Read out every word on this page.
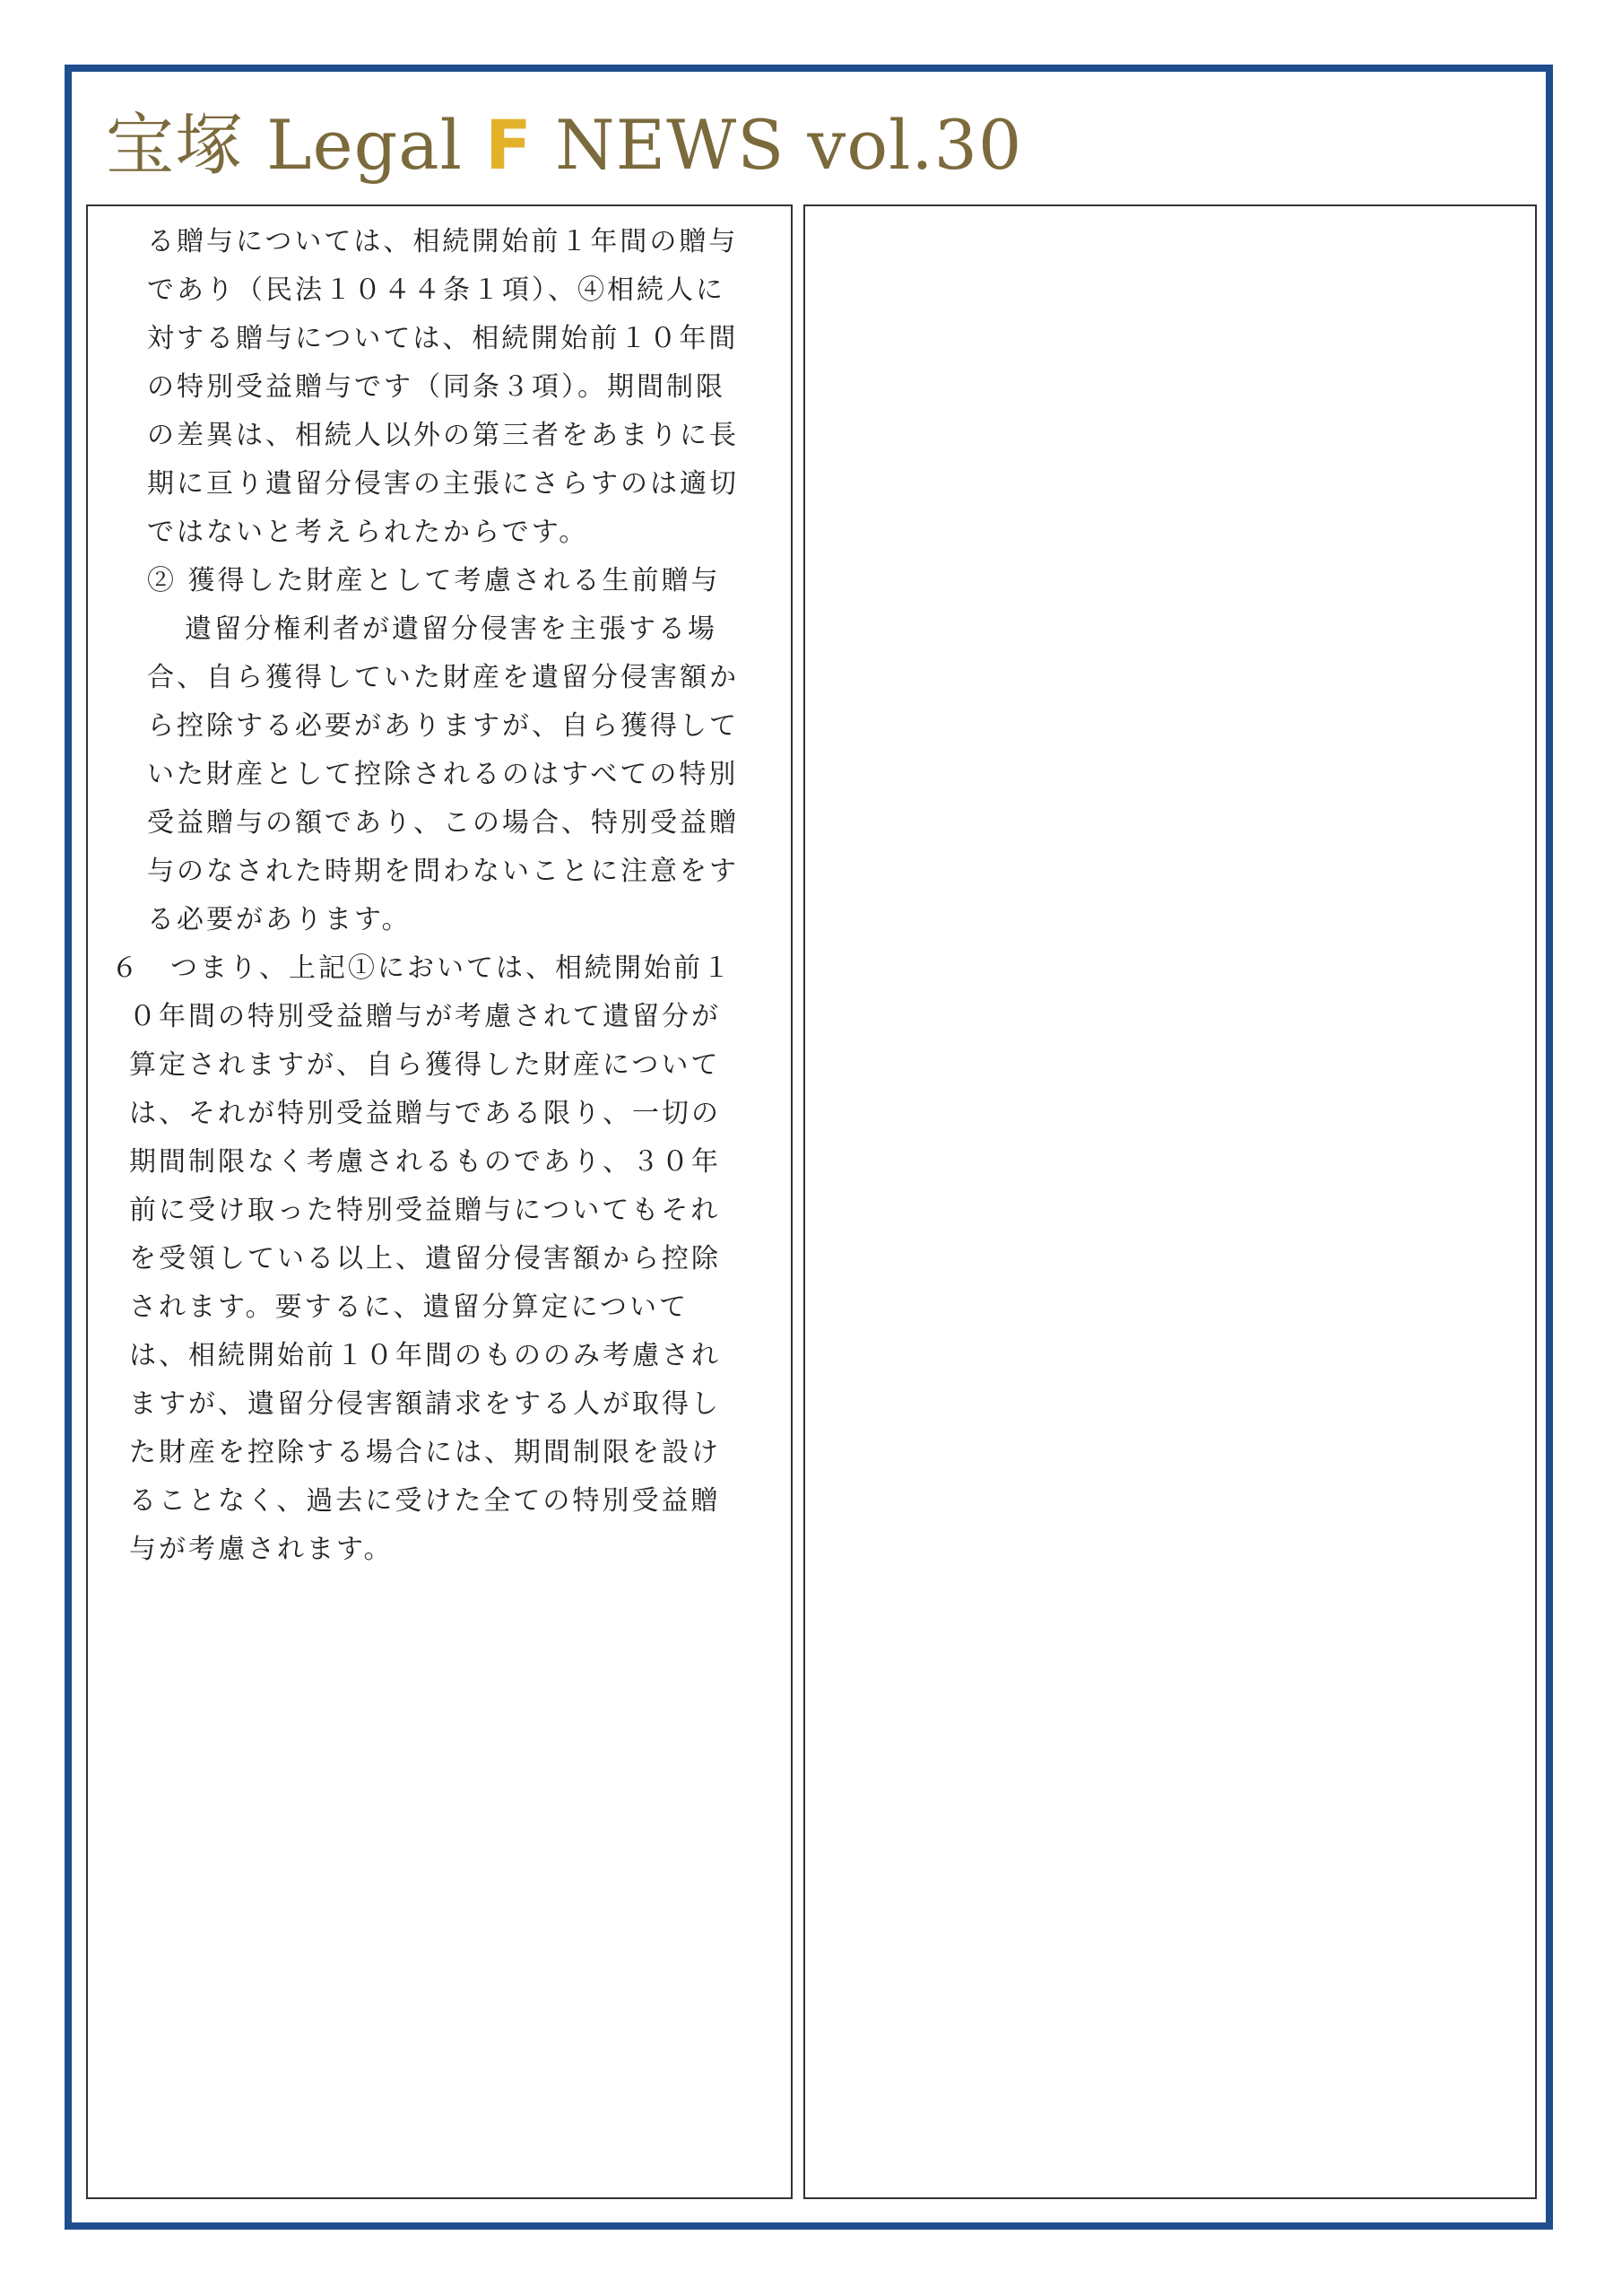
宝塚 Legal F NEWS vol.30
る贈与については、相続開始前１年間の贈与
であり（民法１０４４条１項）、④相続人に
対する贈与については、相続開始前１０年間
の特別受益贈与です（同条３項）。期間制限
の差異は、相続人以外の第三者をあまりに長
期に亘り遺留分侵害の主張にさらすのは適切
ではないと考えられたからです。
② 獲得した財産として考慮される生前贈与
遺留分権利者が遺留分侵害を主張する場
合、自ら獲得していた財産を遺留分侵害額か
ら控除する必要がありますが、自ら獲得して
いた財産として控除されるのはすべての特別
受益贈与の額であり、この場合、特別受益贈
与のなされた時期を問わないことに注意をす
る必要があります。
６　つまり、上記①においては、相続開始前１
０年間の特別受益贈与が考慮されて遺留分が
算定されますが、自ら獲得した財産について
は、それが特別受益贈与である限り、一切の
期間制限なく考慮されるものであり、３０年
前に受け取った特別受益贈与についてもそれ
を受領している以上、遺留分侵害額から控除
されます。要するに、遺留分算定について
は、相続開始前１０年間のもののみ考慮され
ますが、遺留分侵害額請求をする人が取得し
た財産を控除する場合には、期間制限を設け
ることなく、過去に受けた全ての特別受益贈
与が考慮されます。
